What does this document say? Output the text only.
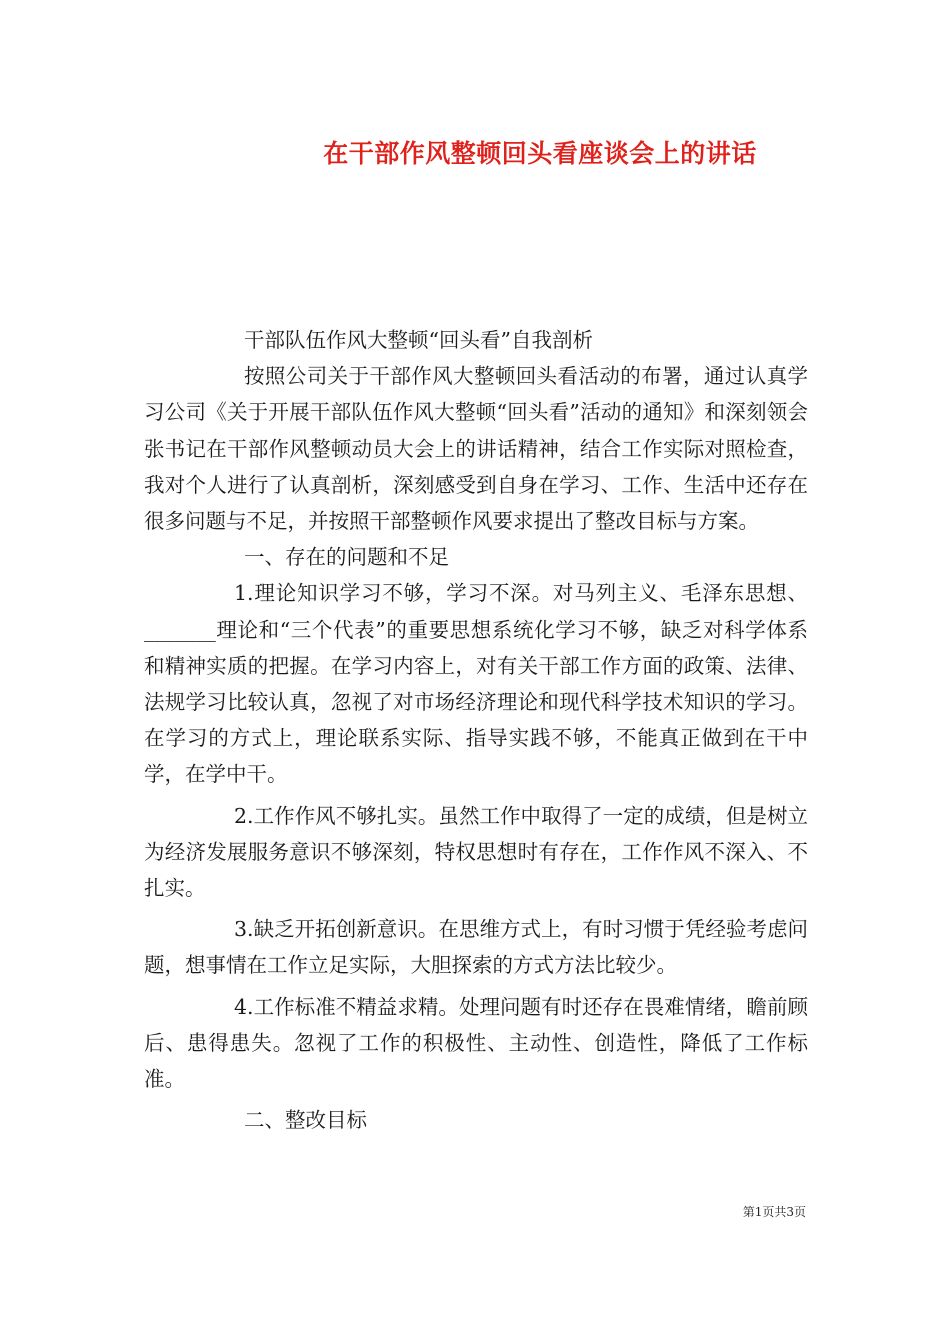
在干部作风整顿回头看座谈会上的讲话

干部队伍作风大整顿“回头看”自我剖析

按照公司关于干部作风大整顿回头看活动的布署，通过认真学习公司《关于开展干部队伍作风大整顿“回头看”活动的通知》和深刻领会张书记在干部作风整顿动员大会上的讲话精神，结合工作实际对照检查，我对个人进行了认真剖析，深刻感受到自身在学习、工作、生活中还存在很多问题与不足，并按照干部整顿作风要求提出了整改目标与方案。

一、存在的问题和不足

1.理论知识学习不够，学习不深。对马列主义、毛泽东思想、_______理论和“三个代表”的重要思想系统化学习不够，缺乏对科学体系和精神实质的把握。在学习内容上，对有关干部工作方面的政策、法律、法规学习比较认真，忽视了对市场经济理论和现代科学技术知识的学习。在学习的方式上，理论联系实际、指导实践不够，不能真正做到在干中学，在学中干。

2.工作作风不够扎实。虽然工作中取得了一定的成绩，但是树立为经济发展服务意识不够深刻，特权思想时有存在，工作作风不深入、不扎实。

3.缺乏开拓创新意识。在思维方式上，有时习惯于凭经验考虑问题，想事情在工作立足实际，大胆探索的方式方法比较少。

4.工作标准不精益求精。处理问题有时还存在畏难情绪，瞻前顾后、患得患失。忽视了工作的积极性、主动性、创造性，降低了工作标准。

二、整改目标

第1页共3页
